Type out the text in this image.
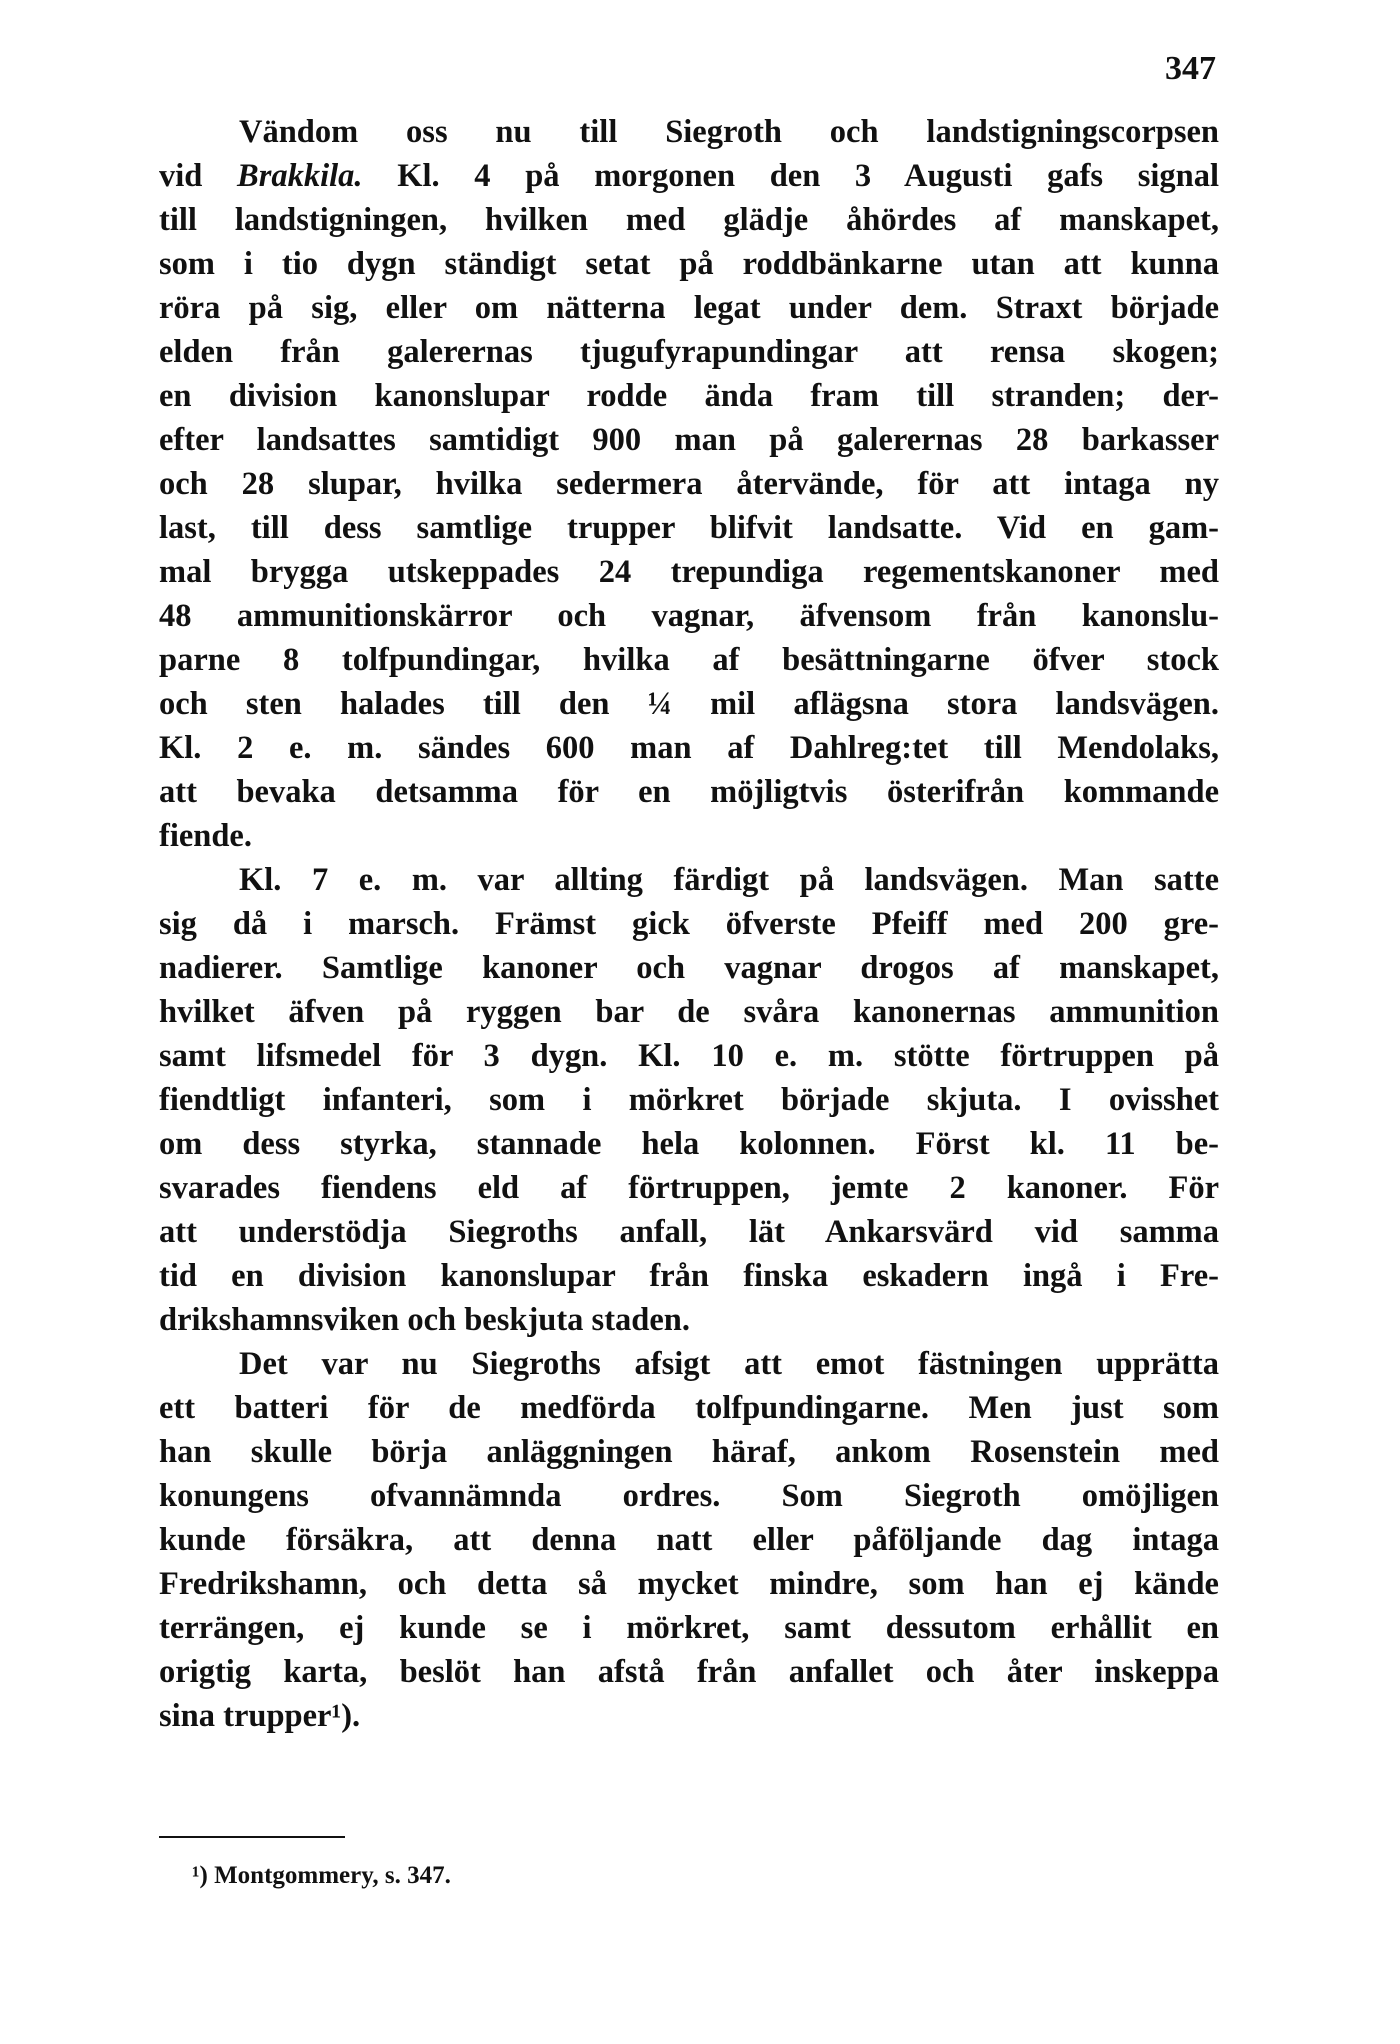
347
Vändom oss nu till Siegroth och landstigningscorpsen
vid Brakkila. Kl. 4 på morgonen den 3 Augusti gafs signal
till landstigningen, hvilken med glädje åhördes af manskapet,
som i tio dygn ständigt setat på roddbänkarne utan att kunna
röra på sig, eller om nätterna legat under dem. Straxt började
elden från galerernas tjugufyrapundingar att rensa skogen;
en division kanonslupar rodde ända fram till stranden; der-
efter landsattes samtidigt 900 man på galerernas 28 barkasser
och 28 slupar, hvilka sedermera återvände, för att intaga ny
last, till dess samtlige trupper blifvit landsatte. Vid en gam-
mal brygga utskeppades 24 trepundiga regementskanoner med
48 ammunitionskärror och vagnar, äfvensom från kanonslu-
parne 8 tolfpundingar, hvilka af besättningarne öfver stock
och sten halades till den ¼ mil aflägsna stora landsvägen.
Kl. 2 e. m. sändes 600 man af Dahlreg:tet till Mendolaks,
att bevaka detsamma för en möjligtvis österifrån kommande
fiende.
Kl. 7 e. m. var allting färdigt på landsvägen. Man satte
sig då i marsch. Främst gick öfverste Pfeiff med 200 gre-
nadierer. Samtlige kanoner och vagnar drogos af manskapet,
hvilket äfven på ryggen bar de svåra kanonernas ammunition
samt lifsmedel för 3 dygn. Kl. 10 e. m. stötte förtruppen på
fiendtligt infanteri, som i mörkret började skjuta. I ovisshet
om dess styrka, stannade hela kolonnen. Först kl. 11 be-
svarades fiendens eld af förtruppen, jemte 2 kanoner. För
att understödja Siegroths anfall, lät Ankarsvärd vid samma
tid en division kanonslupar från finska eskadern ingå i Fre-
drikshamnsviken och beskjuta staden.
Det var nu Siegroths afsigt att emot fästningen upprätta
ett batteri för de medförda tolfpundingarne. Men just som
han skulle börja anläggningen häraf, ankom Rosenstein med
konungens ofvannämnda ordres. Som Siegroth omöjligen
kunde försäkra, att denna natt eller påföljande dag intaga
Fredrikshamn, och detta så mycket mindre, som han ej kände
terrängen, ej kunde se i mörkret, samt dessutom erhållit en
origtig karta, beslöt han afstå från anfallet och åter inskeppa
sina trupper¹).
¹) Montgommery, s. 347.
